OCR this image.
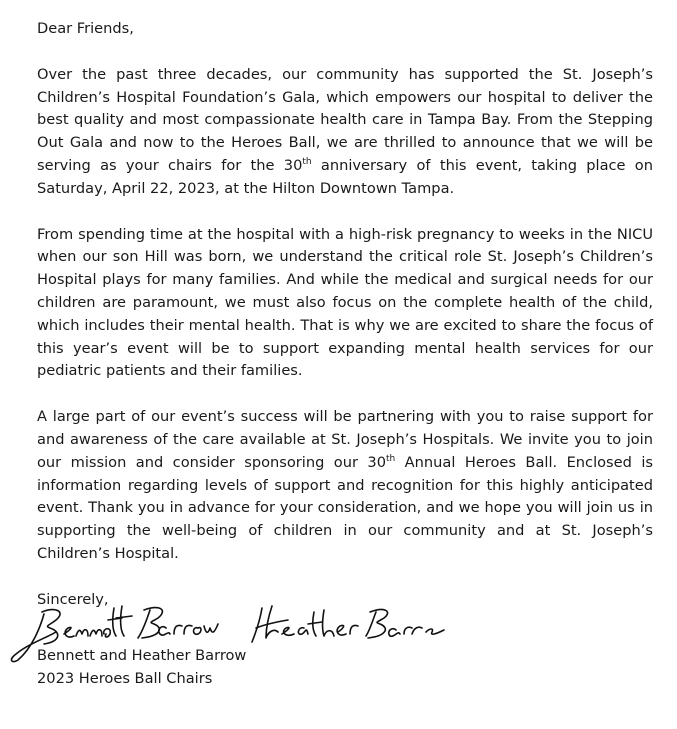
Dear Friends,

Over the past three decades, our community has supported the St. Joseph’s Children’s Hospital Foundation’s Gala, which empowers our hospital to deliver the best quality and most compassionate health care in Tampa Bay. From the Stepping Out Gala and now to the Heroes Ball, we are thrilled to announce that we will be serving as your chairs for the 30th anniversary of this event, taking place on Saturday, April 22, 2023, at the Hilton Downtown Tampa.

From spending time at the hospital with a high-risk pregnancy to weeks in the NICU when our son Hill was born, we understand the critical role St. Joseph’s Children’s Hospital plays for many families. And while the medical and surgical needs for our children are paramount, we must also focus on the complete health of the child, which includes their mental health. That is why we are excited to share the focus of this year’s event will be to support expanding mental health services for our pediatric patients and their families.

A large part of our event’s success will be partnering with you to raise support for and awareness of the care available at St. Joseph’s Hospitals. We invite you to join our mission and consider sponsoring our 30th Annual Heroes Ball. Enclosed is information regarding levels of support and recognition for this highly anticipated event. Thank you in advance for your consideration, and we hope you will join us in supporting the well-being of children in our community and at St. Joseph’s Children’s Hospital.

Sincerely,

Bennett and Heather Barrow
2023 Heroes Ball Chairs
